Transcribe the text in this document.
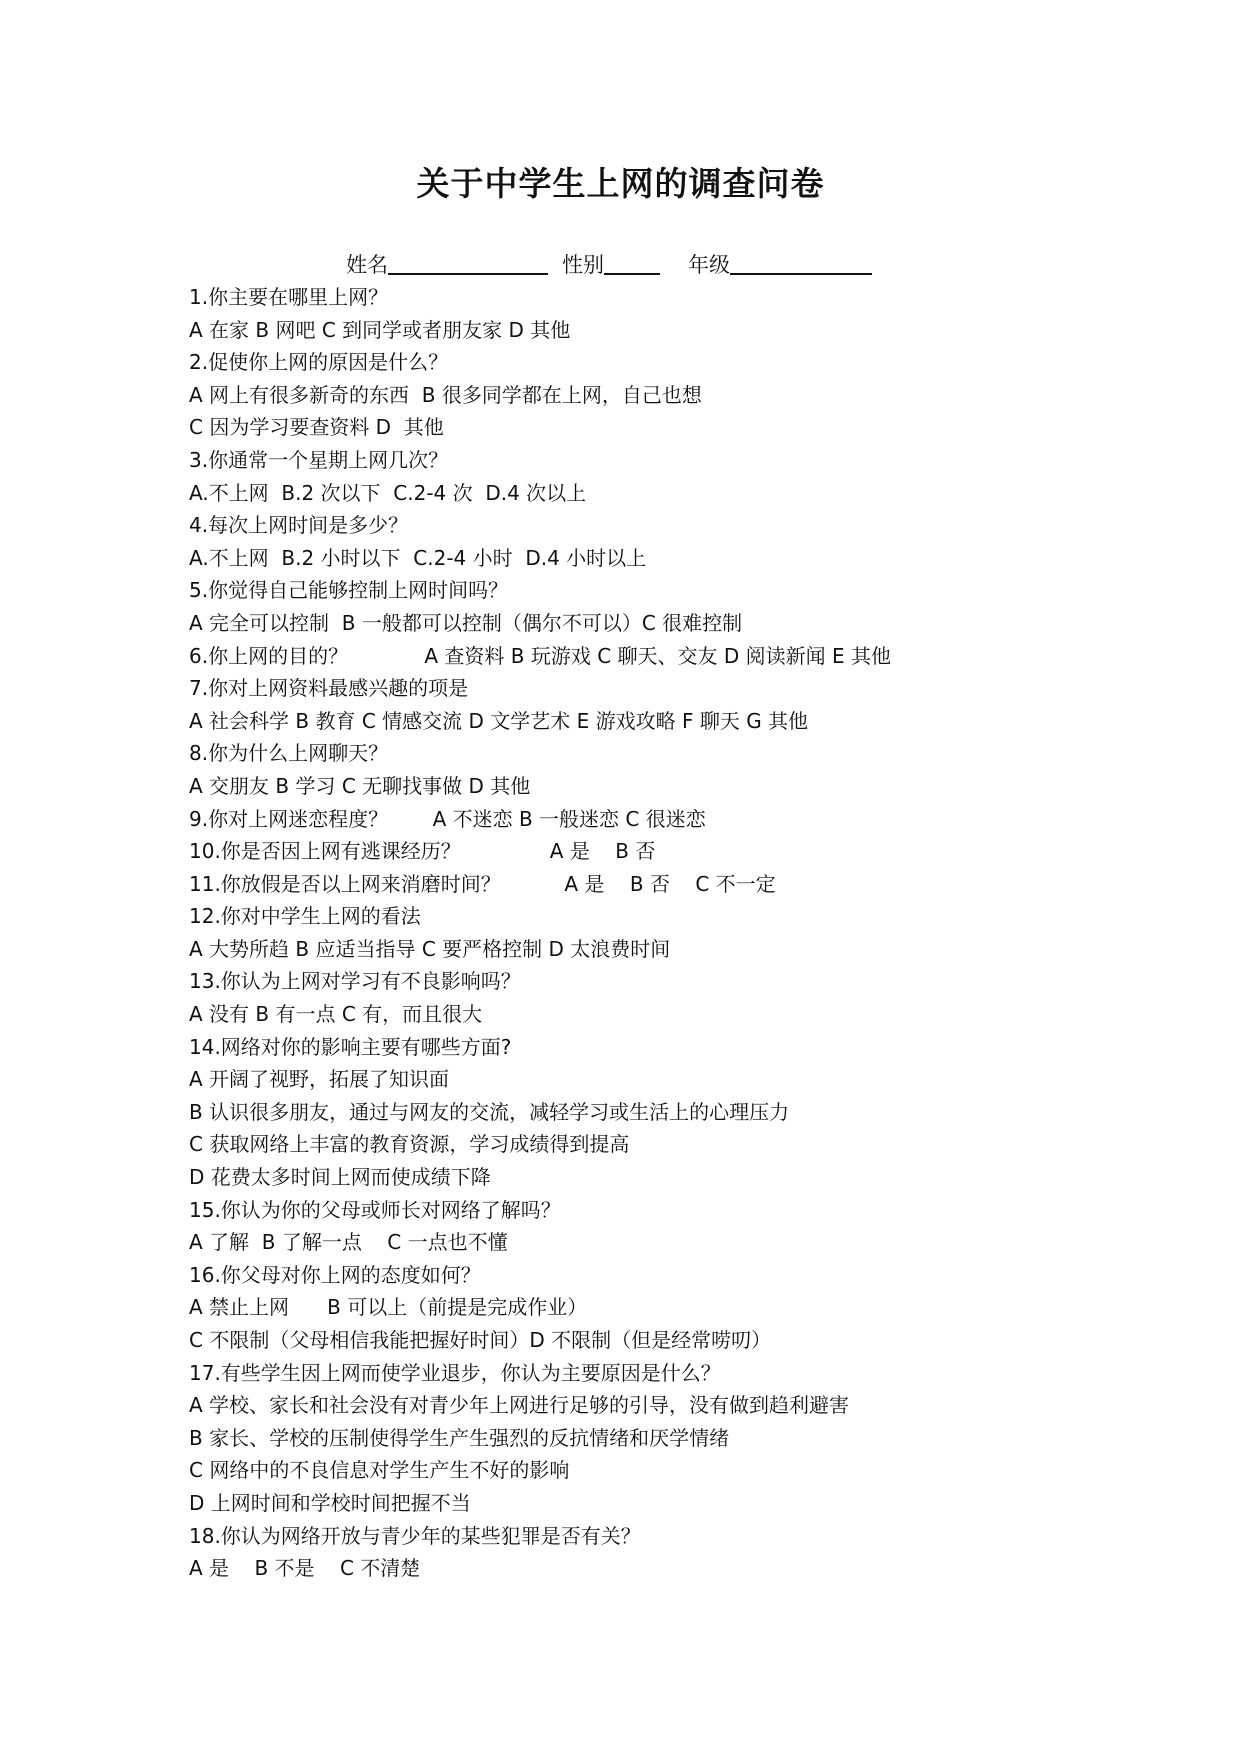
关于中学生上网的调查问卷
姓名	性别	年级
1.你主要在哪里上网？
A 在家 B 网吧 C 到同学或者朋友家 D 其他
2.促使你上网的原因是什么？
A 网上有很多新奇的东西  B 很多同学都在上网，自己也想
C 因为学习要查资料 D  其他
3.你通常一个星期上网几次？
A.不上网  B.2 次以下  C.2-4 次  D.4 次以上
4.每次上网时间是多少？
A.不上网  B.2 小时以下  C.2-4 小时  D.4 小时以上
5.你觉得自己能够控制上网时间吗？
A 完全可以控制  B 一般都可以控制（偶尔不可以）C 很难控制
6.你上网的目的？            A 查资料 B 玩游戏 C 聊天、交友 D 阅读新闻 E 其他
7.你对上网资料最感兴趣的项是
A 社会科学 B 教育 C 情感交流 D 文学艺术 E 游戏攻略 F 聊天 G 其他
8.你为什么上网聊天？
A 交朋友 B 学习 C 无聊找事做 D 其他
9.你对上网迷恋程度？       A 不迷恋 B 一般迷恋 C 很迷恋
10.你是否因上网有逃课经历？              A 是    B 否
11.你放假是否以上网来消磨时间？          A 是    B 否    C 不一定
12.你对中学生上网的看法
A 大势所趋 B 应适当指导 C 要严格控制 D 太浪费时间
13.你认为上网对学习有不良影响吗？
A 没有 B 有一点 C 有，而且很大
14.网络对你的影响主要有哪些方面?
A 开阔了视野，拓展了知识面
B 认识很多朋友，通过与网友的交流，减轻学习或生活上的心理压力
C 获取网络上丰富的教育资源，学习成绩得到提高
D 花费太多时间上网而使成绩下降
15.你认为你的父母或师长对网络了解吗？
A 了解  B 了解一点    C 一点也不懂
16.你父母对你上网的态度如何？
A 禁止上网      B 可以上（前提是完成作业）
C 不限制（父母相信我能把握好时间）D 不限制（但是经常唠叨）
17.有些学生因上网而使学业退步，你认为主要原因是什么？
A 学校、家长和社会没有对青少年上网进行足够的引导，没有做到趋利避害
B 家长、学校的压制使得学生产生强烈的反抗情绪和厌学情绪
C 网络中的不良信息对学生产生不好的影响
D 上网时间和学校时间把握不当
18.你认为网络开放与青少年的某些犯罪是否有关？
A 是    B 不是    C 不清楚
